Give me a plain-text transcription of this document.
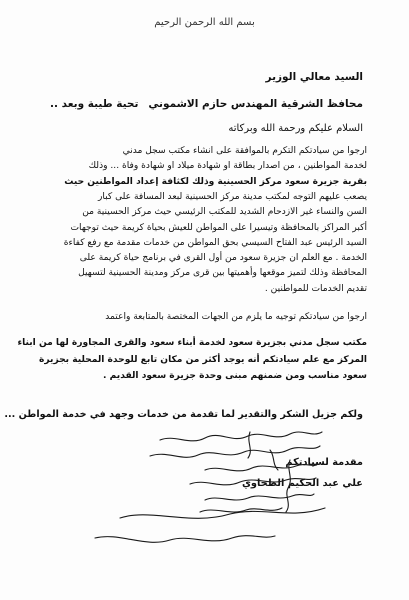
بسم الله الرحمن الرحيم
السيد معالي الوزير
محافظ الشرقية المهندس حازم الاشموني
تحية طيبة وبعد ..
السلام عليكم ورحمة الله وبركاته
ارجوا من سيادتكم التكرم بالموافقة على انشاء مكتب سجل مدني
لخدمة المواطنين ، من اصدار بطاقة او شهادة ميلاد او شهادة وفاة ... وذلك
بقرية جزيرة سعود مركز الحسينية وذلك لكثافة إعداد المواطنين حيث
يصعب عليهم التوجه لمكتب مدينة مركز الحسينية لبعد المسافة على كبار
السن والنساء غير الازدحام الشديد للمكتب الرئيسي حيث مركز الحسينية من
أكبر المراكز بالمحافظة وتيسيرا على المواطن للعيش بحياة كريمة حيث توجهات
السيد الرئيس عبد الفتاح السيسي بحق المواطن من خدمات مقدمة مع رفع كفاءة
الخدمة . مع العلم ان جزيرة سعود من أول القرى في برنامج حياة كريمة على
المحافظة وذلك لتميز موقعها وأهميتها بين قرى مركز ومدينة الحسينية لتسهيل
تقديم الخدمات للمواطنين .
ارجوا من سيادتكم توجيه ما يلزم من الجهات المختصة بالمتابعة واعتمد
مكتب سجل مدني بجزيرة سعود لخدمة أبناء سعود والقرى المجاورة لها من ابناء
المركز مع علم سيادتكم أنه يوجد أكثر من مكان تابع للوحدة المحلية بجزيرة
سعود مناسب ومن ضمنهم مبنى وحدة جزيرة سعود القديم .
ولكم جزيل الشكر والتقدير لما تقدمة من خدمات وجهد في خدمة المواطن ...
مقدمة لسيادتكم
علي عبد الحكيم الطحاوي
